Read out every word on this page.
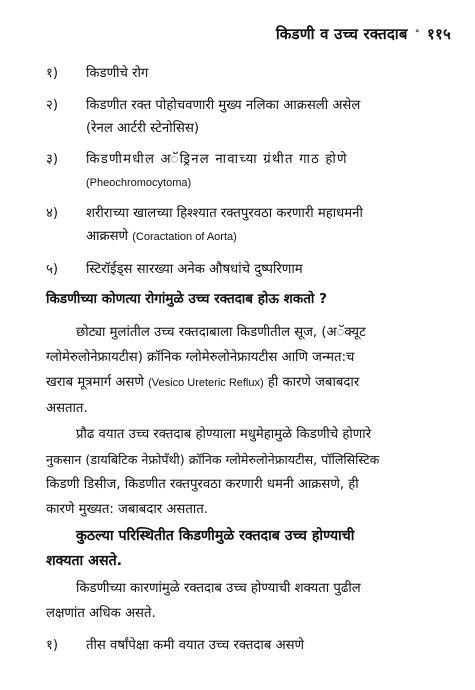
किडणी व उच्च रक्तदाब ॰ ११५
१)	किडणीचे रोग
२)	किडणीत रक्त पोहोचवणारी मुख्य नलिका आक्रसली असेल
(रेनल आर्टरी स्टेनोसिस)
३)	किडणीमधील अॅड्रिनल नावाच्या ग्रंथीत गाठ होणे
(Pheochromocytoma)
४)	शरीराच्या खालच्या हिश्श्यात रक्तपुरवठा करणारी महाधमनी
आक्रसणे (Coractation of Aorta)
५)	स्टिरॉईड्स सारख्या अनेक औषधांचे दुष्परिणाम
किडणीच्या कोणत्या रोगांमुळे उच्च रक्तदाब होऊ शकतो ?
छोट्या मुलांतील उच्च रक्तदाबाला किडणीतील सूज, (अॅक्यूट
ग्लोमेरुलोनेफ्रायटीस) क्रॉनिक ग्लोमेरुलोनेफ्रायटीस आणि जन्मत:च
खराब मूत्रमार्ग असणे (Vesico Ureteric Reflux) ही कारणे जबाबदार
असतात.
प्रौढ वयात उच्च रक्तदाब होण्याला मधुमेहामुळे किडणीचे होणारे
नुकसान (डायबिटिक नेफ्रोपँथी) क्रॉनिक ग्लोमेरुलोनेफ्रायटीस, पॉलिसिस्टिक
किडणी डिसीज, किडणीत रक्तपुरवठा करणारी धमनी आक्रसणे, ही
कारणे मुख्यत: जबाबदार असतात.
कुठल्या परिस्थितीत किडणीमुळे रक्तदाब उच्च होण्याची
शक्यता असते.
किडणीच्या कारणांमुळे रक्तदाब उच्च होण्याची शक्यता पुढील
लक्षणांत अधिक असते.
१)	तीस वर्षांपेक्षा कमी वयात उच्च रक्तदाब असणे
